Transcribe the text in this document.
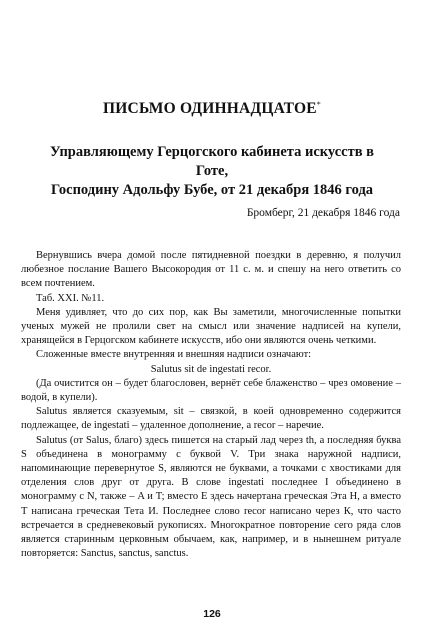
ПИСЬМО ОДИННАДЦАТОЕ*
Управляющему Герцогского кабинета искусств в
Готе,
Господину Адольфу Бубе, от 21 декабря 1846 года
Бромберг, 21 декабря 1846 года

Вернувшись вчера домой после пятидневной поездки в деревню, я получил любезное послание Вашего Высокородия от 11 с. м. и спешу на него ответить со всем почтением.

Таб. XXI. №11.

Меня удивляет, что до сих пор, как Вы заметили, многочисленные попытки ученых мужей не пролили свет на смысл или значение надписей на купели, хранящейся в Герцогском кабинете искусств, ибо они являются очень четкими.

Сложенные вместе внутренняя и внешняя надписи означают:

Salutus sit de ingestati recor.

(Да очистится он – будет благословен, вернёт себе блаженство – чрез омовение – водой, в купели).

Salutus является сказуемым, sit – связкой, в коей одновременно содержится подлежащее, de ingestati – удаленное дополнение, а recor – наречие.

Salutus (от Salus, благо) здесь пишется на старый лад через th, а последняя буква S объединена в монограмму с буквой V. Три знака наружной надписи, напоминающие перевернутое S, являются не буквами, а точками с хвостиками для отделения слов друг от друга. В слове ingestati последнее I объединено в монограмму с N, также – A и T; вместо E здесь начертана греческая Эта H, а вместо T написана греческая Тета И. Последнее слово recor написано через К, что часто встречается в средневековый рукописях. Многократное повторение сего ряда слов является старинным церковным обычаем, как, например, и в нынешнем ритуале повторяется: Sanctus, sanctus, sanctus.

126
